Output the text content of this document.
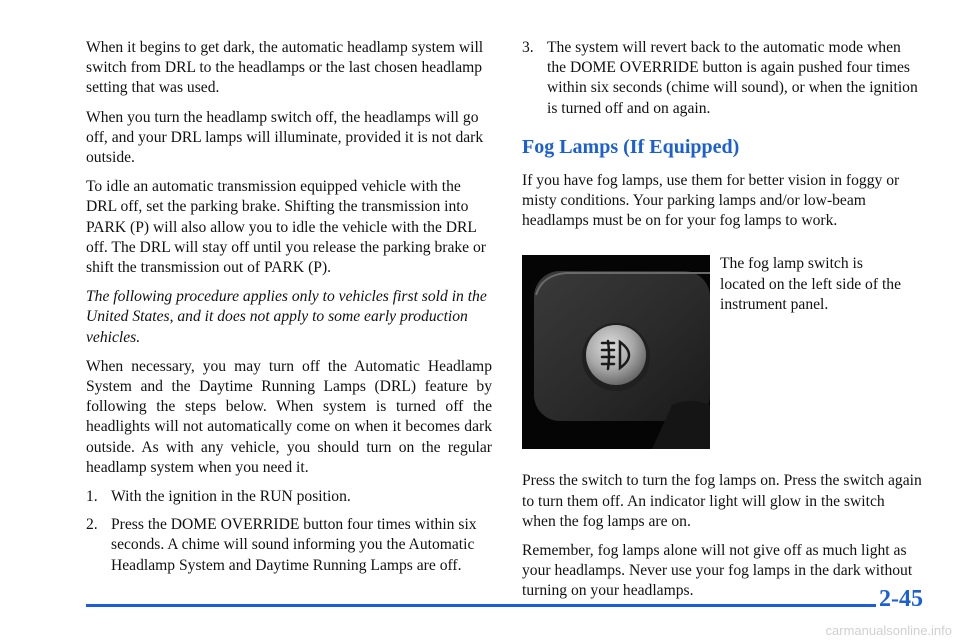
When it begins to get dark, the automatic headlamp system will switch from DRL to the headlamps or the last chosen headlamp setting that was used.

When you turn the headlamp switch off, the headlamps will go off, and your DRL lamps will illuminate, provided it is not dark outside.

To idle an automatic transmission equipped vehicle with the DRL off, set the parking brake. Shifting the transmission into PARK (P) will also allow you to idle the vehicle with the DRL off. The DRL will stay off until you release the parking brake or shift the transmission out of PARK (P).

The following procedure applies only to vehicles first sold in the United States, and it does not apply to some early production vehicles.

When necessary, you may turn off the Automatic Headlamp System and the Daytime Running Lamps (DRL) feature by following the steps below. When system is turned off the headlights will not automatically come on when it becomes dark outside. As with any vehicle, you should turn on the regular headlamp system when you need it.

1. With the ignition in the RUN position.
2. Press the DOME OVERRIDE button four times within six seconds. A chime will sound informing you the Automatic Headlamp System and Daytime Running Lamps are off.
3. The system will revert back to the automatic mode when the DOME OVERRIDE button is again pushed four times within six seconds (chime will sound), or when the ignition is turned off and on again.
Fog Lamps (If Equipped)

If you have fog lamps, use them for better vision in foggy or misty conditions. Your parking lamps and/or low-beam headlamps must be on for your fog lamps to work.

The fog lamp switch is located on the left side of the instrument panel.

Press the switch to turn the fog lamps on. Press the switch again to turn them off. An indicator light will glow in the switch when the fog lamps are on.

Remember, fog lamps alone will not give off as much light as your headlamps. Never use your fog lamps in the dark without turning on your headlamps.	2-45
carmanualsonline.info
